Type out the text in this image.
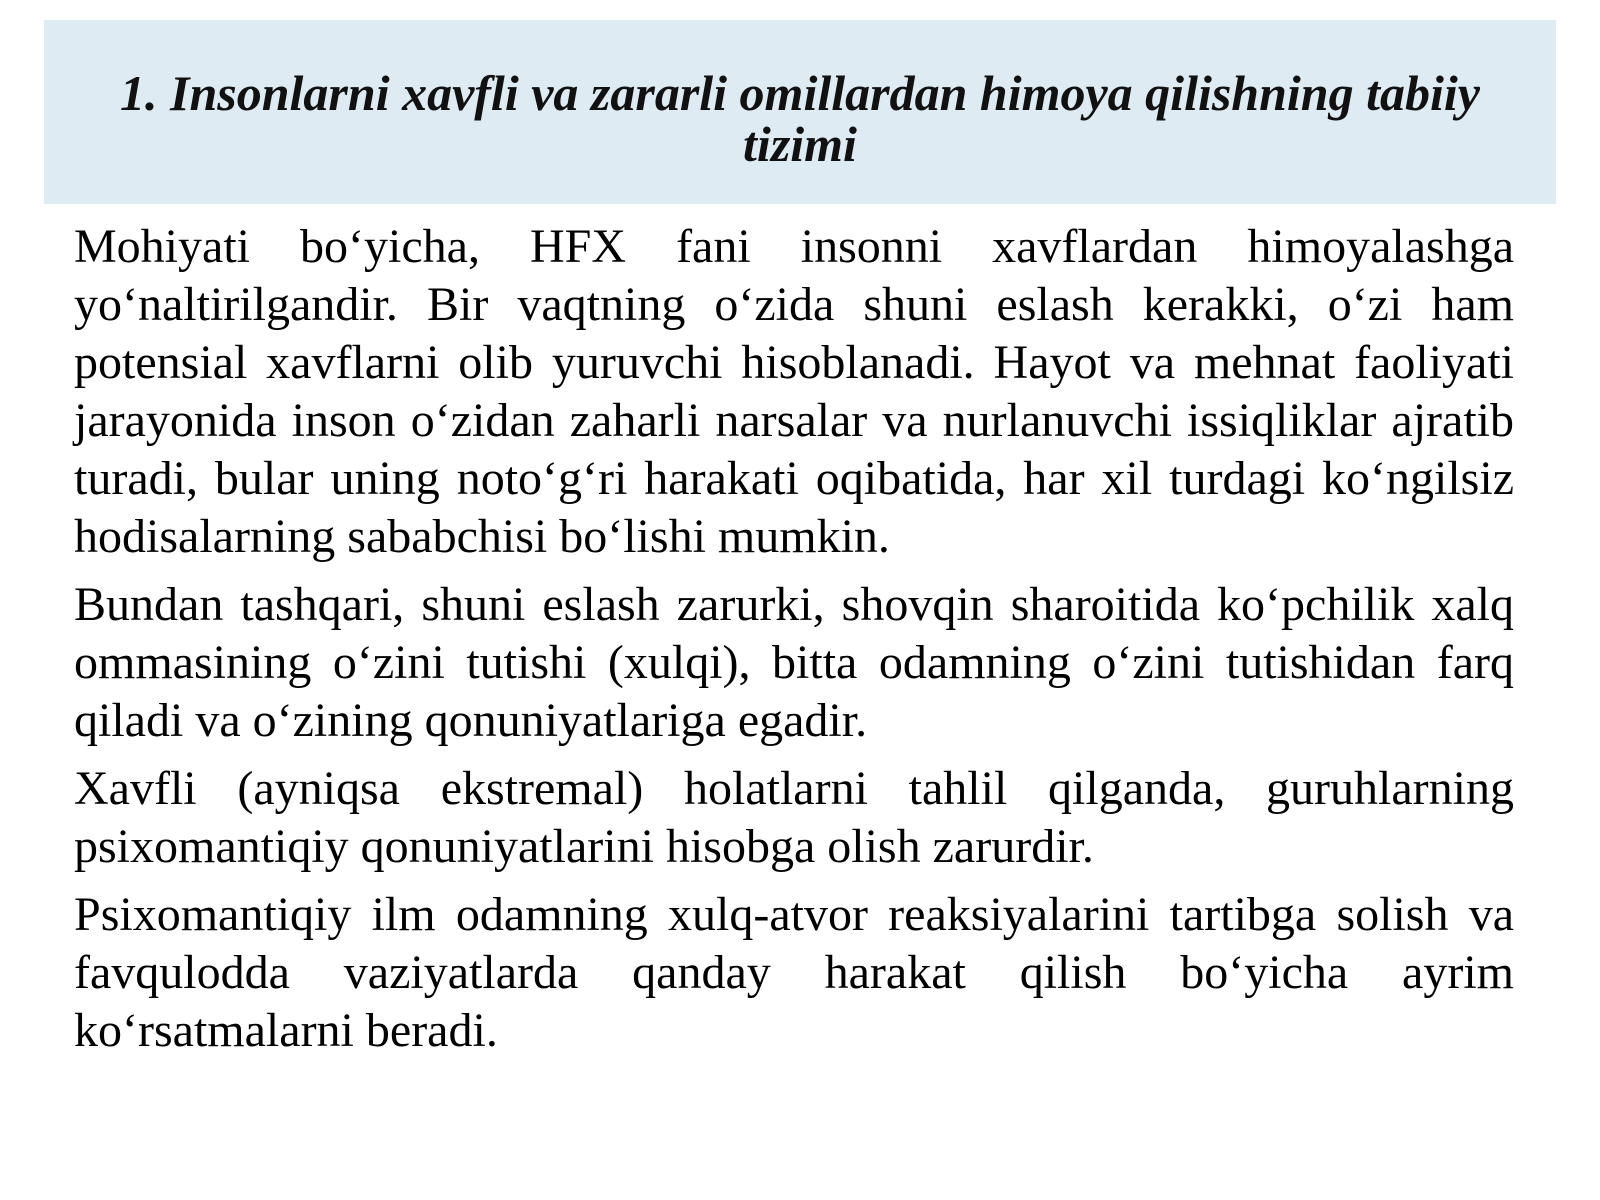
1. Insonlarni xavfli va zararli omillardan himoya qilishning tabiiy tizimi

Mohiyati bo‘yicha, HFX fani insonni xavflardan himoyalashga yo‘naltirilgandir. Bir vaqtning o‘zida shuni eslash kerakki, o‘zi ham potensial xavflarni olib yuruvchi hisoblanadi. Hayot va mehnat faoliyati jarayonida inson o‘zidan zaharli narsalar va nurlanuvchi issiqliklar ajratib turadi, bular uning noto‘g‘ri harakati oqibatida, har xil turdagi ko‘ngilsiz hodisalarning sababchisi bo‘lishi mumkin.

Bundan tashqari, shuni eslash zarurki, shovqin sharoitida ko‘pchilik xalq ommasining o‘zini tutishi (xulqi), bitta odamning o‘zini tutishidan farq qiladi va o‘zining qonuniyatlariga egadir.

Xavfli (ayniqsa ekstremal) holatlarni tahlil qilganda, guruhlarning psixomantiqiy qonuniyatlarini hisobga olish zarurdir.

Psixomantiqiy ilm odamning xulq-atvor reaksiyalarini tartibga solish va favqulodda vaziyatlarda qanday harakat qilish bo‘yicha ayrim ko‘rsatmalarni beradi.
